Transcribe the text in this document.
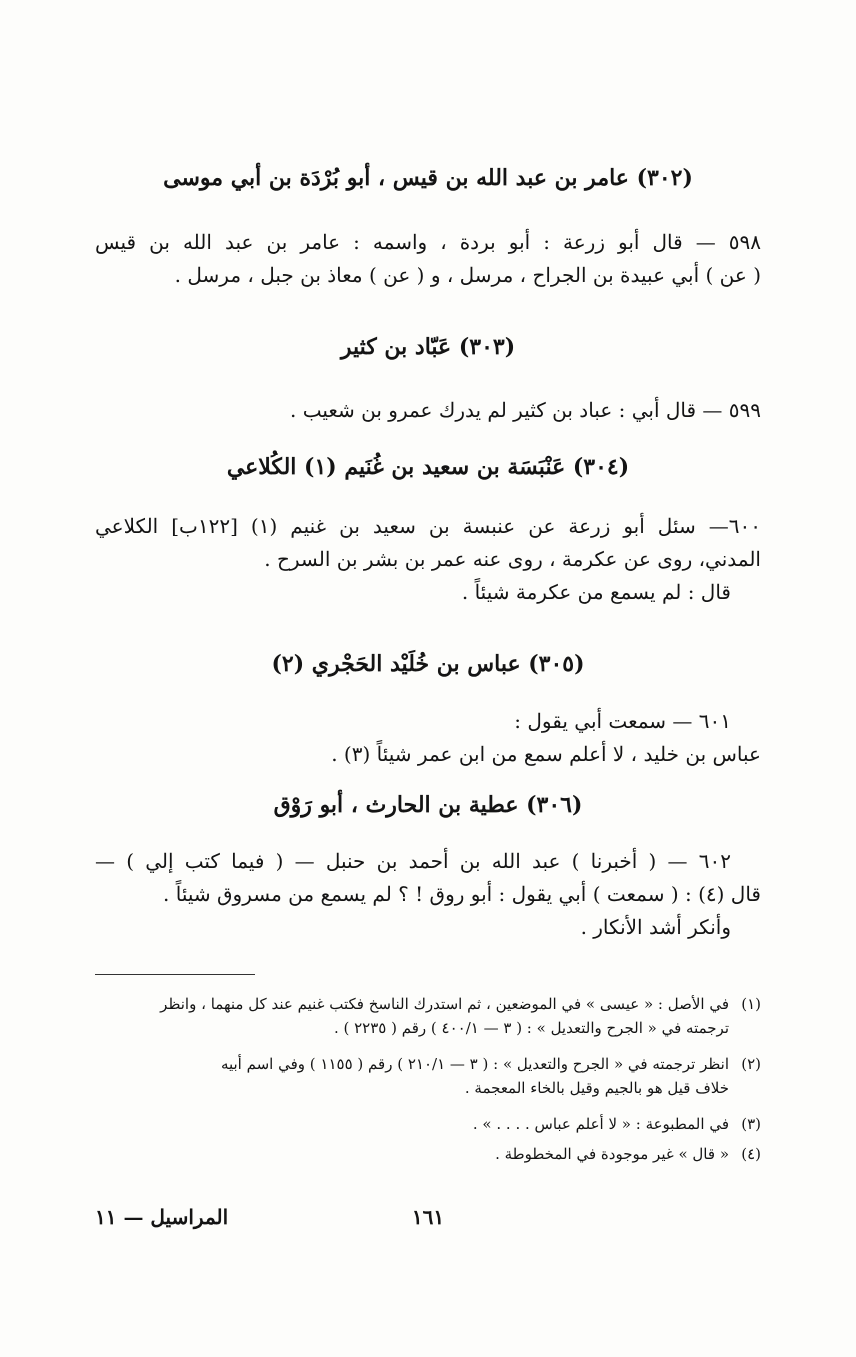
(٣٠٢) عامر بن عبد الله بن قيس ، أبو بُرْدَة بن أبي موسى
٥٩٨ — قال أبو زرعة : أبو بردة ، واسمه : عامر بن عبد الله بن قيس
( عن ) أبي عبيدة بن الجراح ، مرسل ، و ( عن ) معاذ بن جبل ، مرسل .
(٣٠٣) عَبّاد بن كثير
٥٩٩ — قال أبي : عباد بن كثير لم يدرك عمرو بن شعيب .
(٣٠٤) عَنْبَسَة بن سعيد بن غُنَيم (١) الكُلاعي
٦٠٠— سئل أبو زرعة عن عنبسة بن سعيد بن غنيم (١) [١٢٢ب] الكلاعي
المدني، روى عن عكرمة ، روى عنه عمر بن بشر بن السرح .
قال : لم يسمع من عكرمة شيئاً .
(٣٠٥) عباس بن خُلَيْد الحَجْري (٢)
٦٠١ — سمعت أبي يقول :
عباس بن خليد ، لا أعلم سمع من ابن عمر شيئاً (٣) .
(٣٠٦) عطية بن الحارث ، أبو رَوْق
٦٠٢ — ( أخبرنا ) عبد الله بن أحمد بن حنبل — ( فيما كتب إلي ) —
قال (٤) : ( سمعت ) أبي يقول : أبو روق ! ؟ لم يسمع من مسروق شيئاً .
وأنكر أشد الأنكار .
(١)
في الأصل : « عيسى » في الموضعين ، ثم استدرك الناسخ فكتب غنيم عند كل منهما ، وانظر
ترجمته في « الجرح والتعديل » : ( ٣ — ٤٠٠/١ ) رقم ( ٢٢٣٥ ) .
(٢)
انظر ترجمته في « الجرح والتعديل » : ( ٣ — ٢١٠/١ ) رقم ( ١١٥٥ ) وفي اسم أبيه
خلاف قيل هو بالجيم وقيل بالخاء المعجمة .
(٣)
في المطبوعة : « لا أعلم عباس . . . . » .
(٤)
« قال » غير موجودة في المخطوطة .
١٦١
المراسيل — ١١
